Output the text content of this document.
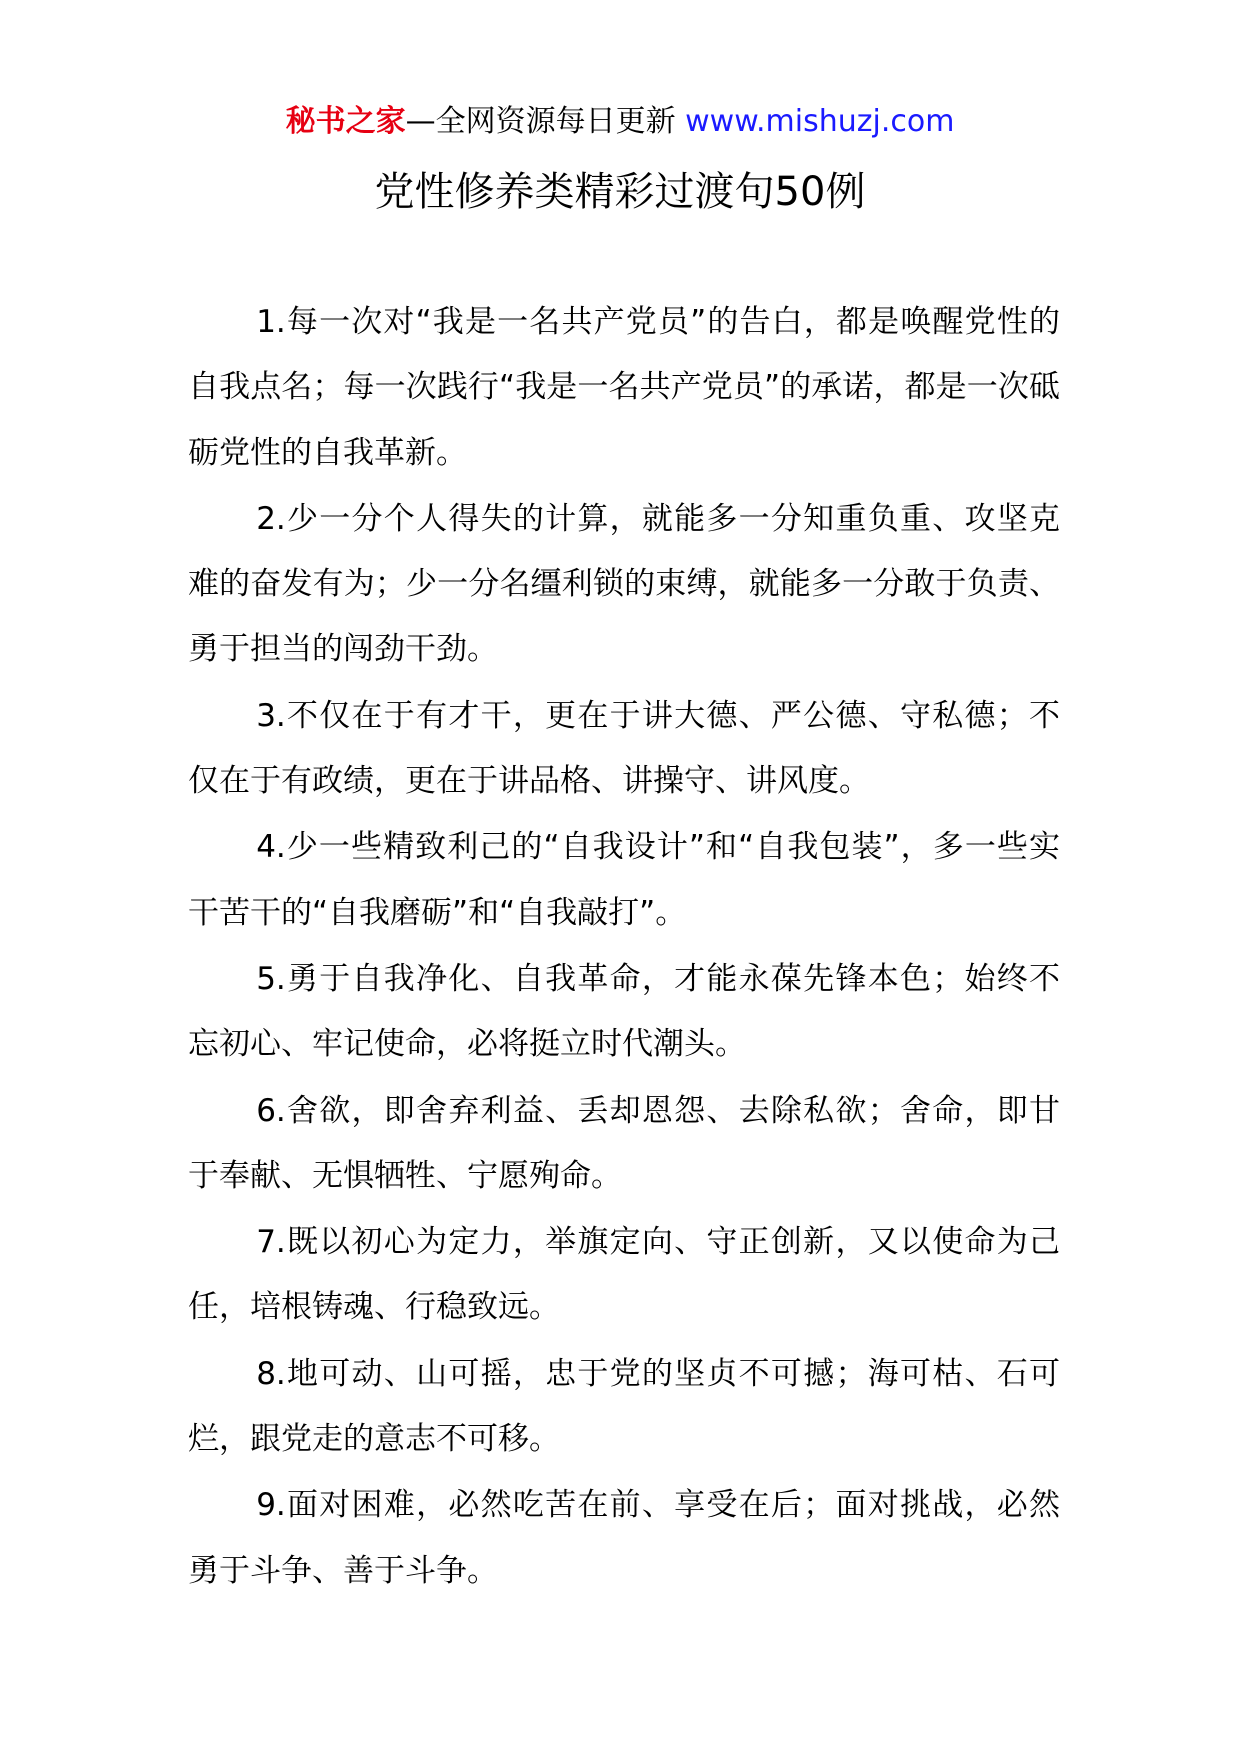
秘书之家—全网资源每日更新 www.mishuzj.com
党性修养类精彩过渡句50例

1.每一次对“我是一名共产党员”的告白，都是唤醒党性的自我点名；每一次践行“我是一名共产党员”的承诺，都是一次砥砺党性的自我革新。

2.少一分个人得失的计算，就能多一分知重负重、攻坚克难的奋发有为；少一分名缰利锁的束缚，就能多一分敢于负责、勇于担当的闯劲干劲。

3.不仅在于有才干，更在于讲大德、严公德、守私德；不仅在于有政绩，更在于讲品格、讲操守、讲风度。

4.少一些精致利己的“自我设计”和“自我包装”，多一些实干苦干的“自我磨砺”和“自我敲打”。

5.勇于自我净化、自我革命，才能永葆先锋本色；始终不忘初心、牢记使命，必将挺立时代潮头。

6.舍欲，即舍弃利益、丢却恩怨、去除私欲；舍命，即甘于奉献、无惧牺牲、宁愿殉命。

7.既以初心为定力，举旗定向、守正创新，又以使命为己任，培根铸魂、行稳致远。

8.地可动、山可摇，忠于党的坚贞不可撼；海可枯、石可烂，跟党走的意志不可移。

9.面对困难，必然吃苦在前、享受在后；面对挑战，必然勇于斗争、善于斗争。
